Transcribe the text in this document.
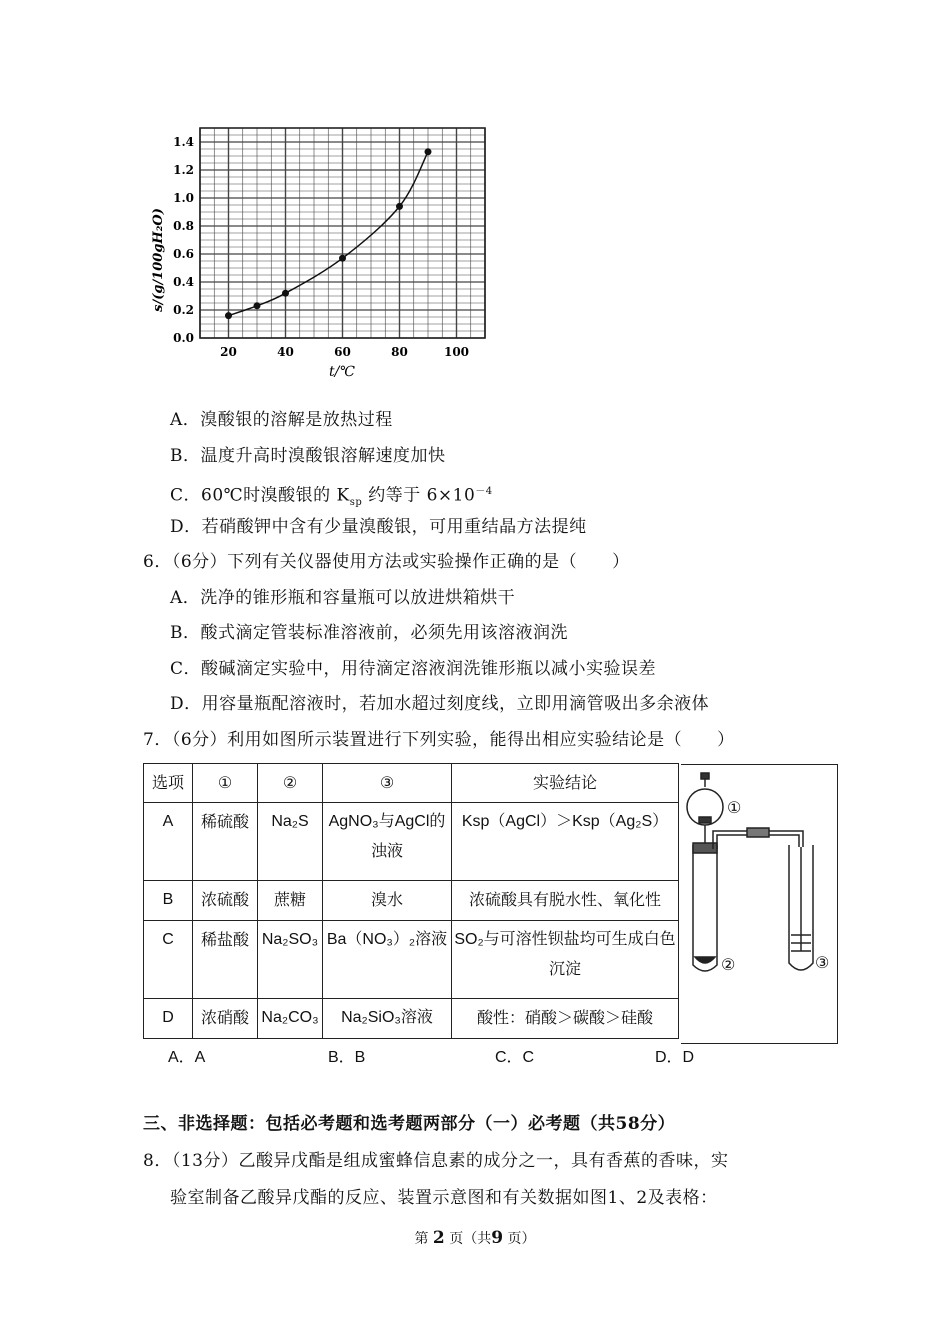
0.0
0.2
0.4
0.6
0.8
1.0
1.2
1.4
20	40	60	80	100
t/℃
s/(g/100gH₂O)
A．溴酸银的溶解是放热过程
B．温度升高时溴酸银溶解速度加快
C．60℃时溴酸银的 $K_{sp}$ 约等于 $6\times 10^{-4}$
D．若硝酸钾中含有少量溴酸银，可用重结晶方法提纯
6．（6分）下列有关仪器使用方法或实验操作正确的是（　　）
A．洗净的锥形瓶和容量瓶可以放进烘箱烘干
B．酸式滴定管装标准溶液前，必须先用该溶液润洗
C．酸碱滴定实验中，用待滴定溶液润洗锥形瓶以减小实验误差
D．用容量瓶配溶液时，若加水超过刻度线，立即用滴管吸出多余液体
7．（6分）利用如图所示装置进行下列实验，能得出相应实验结论是（　　）
选项	①	②	③	实验结论
A	稀硫酸	Na₂S	AgNO₃与AgCl的浊液	Ksp（AgCl）＞Ksp（Ag₂S）
B	浓硫酸	蔗糖	溴水	浓硫酸具有脱水性、氧化性
C	稀盐酸	Na₂SO₃	Ba（NO₃）₂溶液	SO₂与可溶性钡盐均可生成白色沉淀
D	浓硝酸	Na₂CO₃	Na₂SiO₃溶液	酸性：硝酸＞碳酸＞硅酸
①
②	③
A．A	B．B	C．C	D．D
三、非选择题：包括必考题和选考题两部分（一）必考题（共58分）
8．（13分）乙酸异戊酯是组成蜜蜂信息素的成分之一，具有香蕉的香味，实
验室制备乙酸异戊酯的反应、装置示意图和有关数据如图1、2及表格：
第 2 页（共9 页）
